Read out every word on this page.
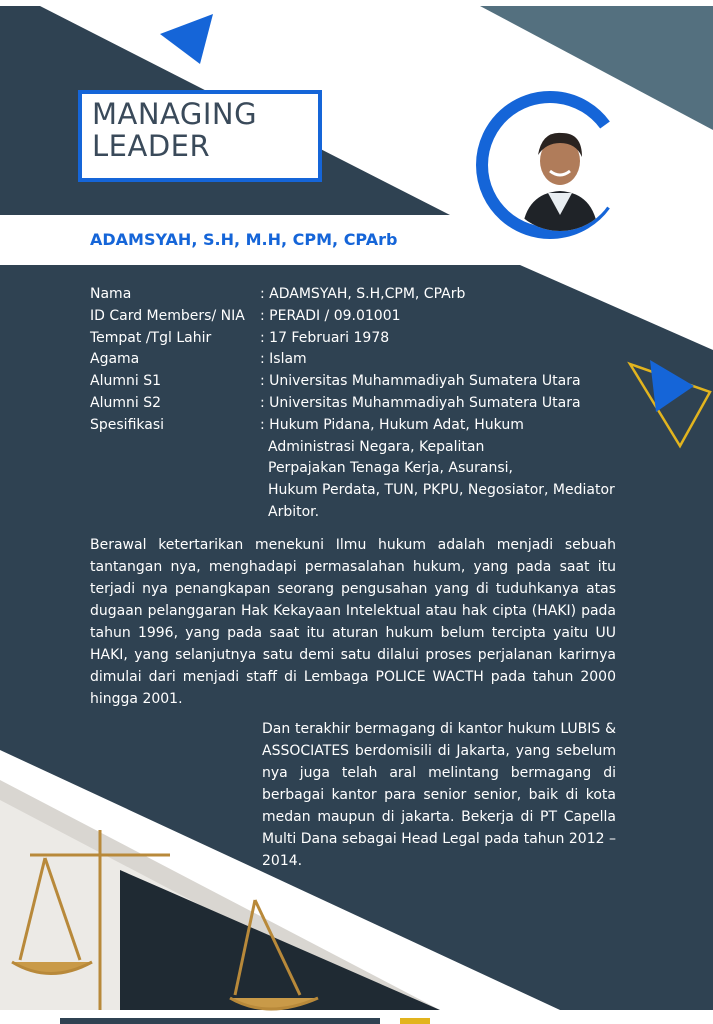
MANAGING
LEADER
ADAMSYAH, S.H, M.H, CPM, CPArb
Nama	: ADAMSYAH, S.H,CPM, CPArb
ID Card Members/ NIA	: PERADI / 09.01001
Tempat /Tgl Lahir	: 17 Februari 1978
Agama	: Islam
Alumni S1	: Universitas Muhammadiyah Sumatera Utara
Alumni S2	: Universitas Muhammadiyah Sumatera Utara
Spesifikasi	: Hukum Pidana, Hukum Adat, Hukum
Administrasi Negara, Kepalitan
Perpajakan Tenaga Kerja, Asuransi,
Hukum Perdata, TUN, PKPU, Negosiator, Mediator
Arbitor.
Berawal ketertarikan menekuni Ilmu hukum adalah menjadi sebuah tantangan nya, menghadapi permasalahan hukum, yang pada saat itu terjadi nya penangkapan seorang pengusahan yang di tuduhkanya atas dugaan pelanggaran Hak Kekayaan Intelektual atau hak cipta (HAKI) pada tahun 1996, yang pada saat itu aturan hukum belum tercipta yaitu UU HAKI, yang selanjutnya satu demi satu dilalui proses perjalanan karirnya dimulai dari menjadi staff di Lembaga POLICE WACTH pada tahun 2000 hingga 2001.
Dan terakhir bermagang di kantor hukum LUBIS & ASSOCIATES berdomisili di Jakarta, yang sebelum nya juga telah aral melintang bermagang di berbagai kantor para senior senior, baik di kota medan maupun di jakarta. Bekerja di PT Capella Multi Dana sebagai Head Legal pada tahun 2012 – 2014.
